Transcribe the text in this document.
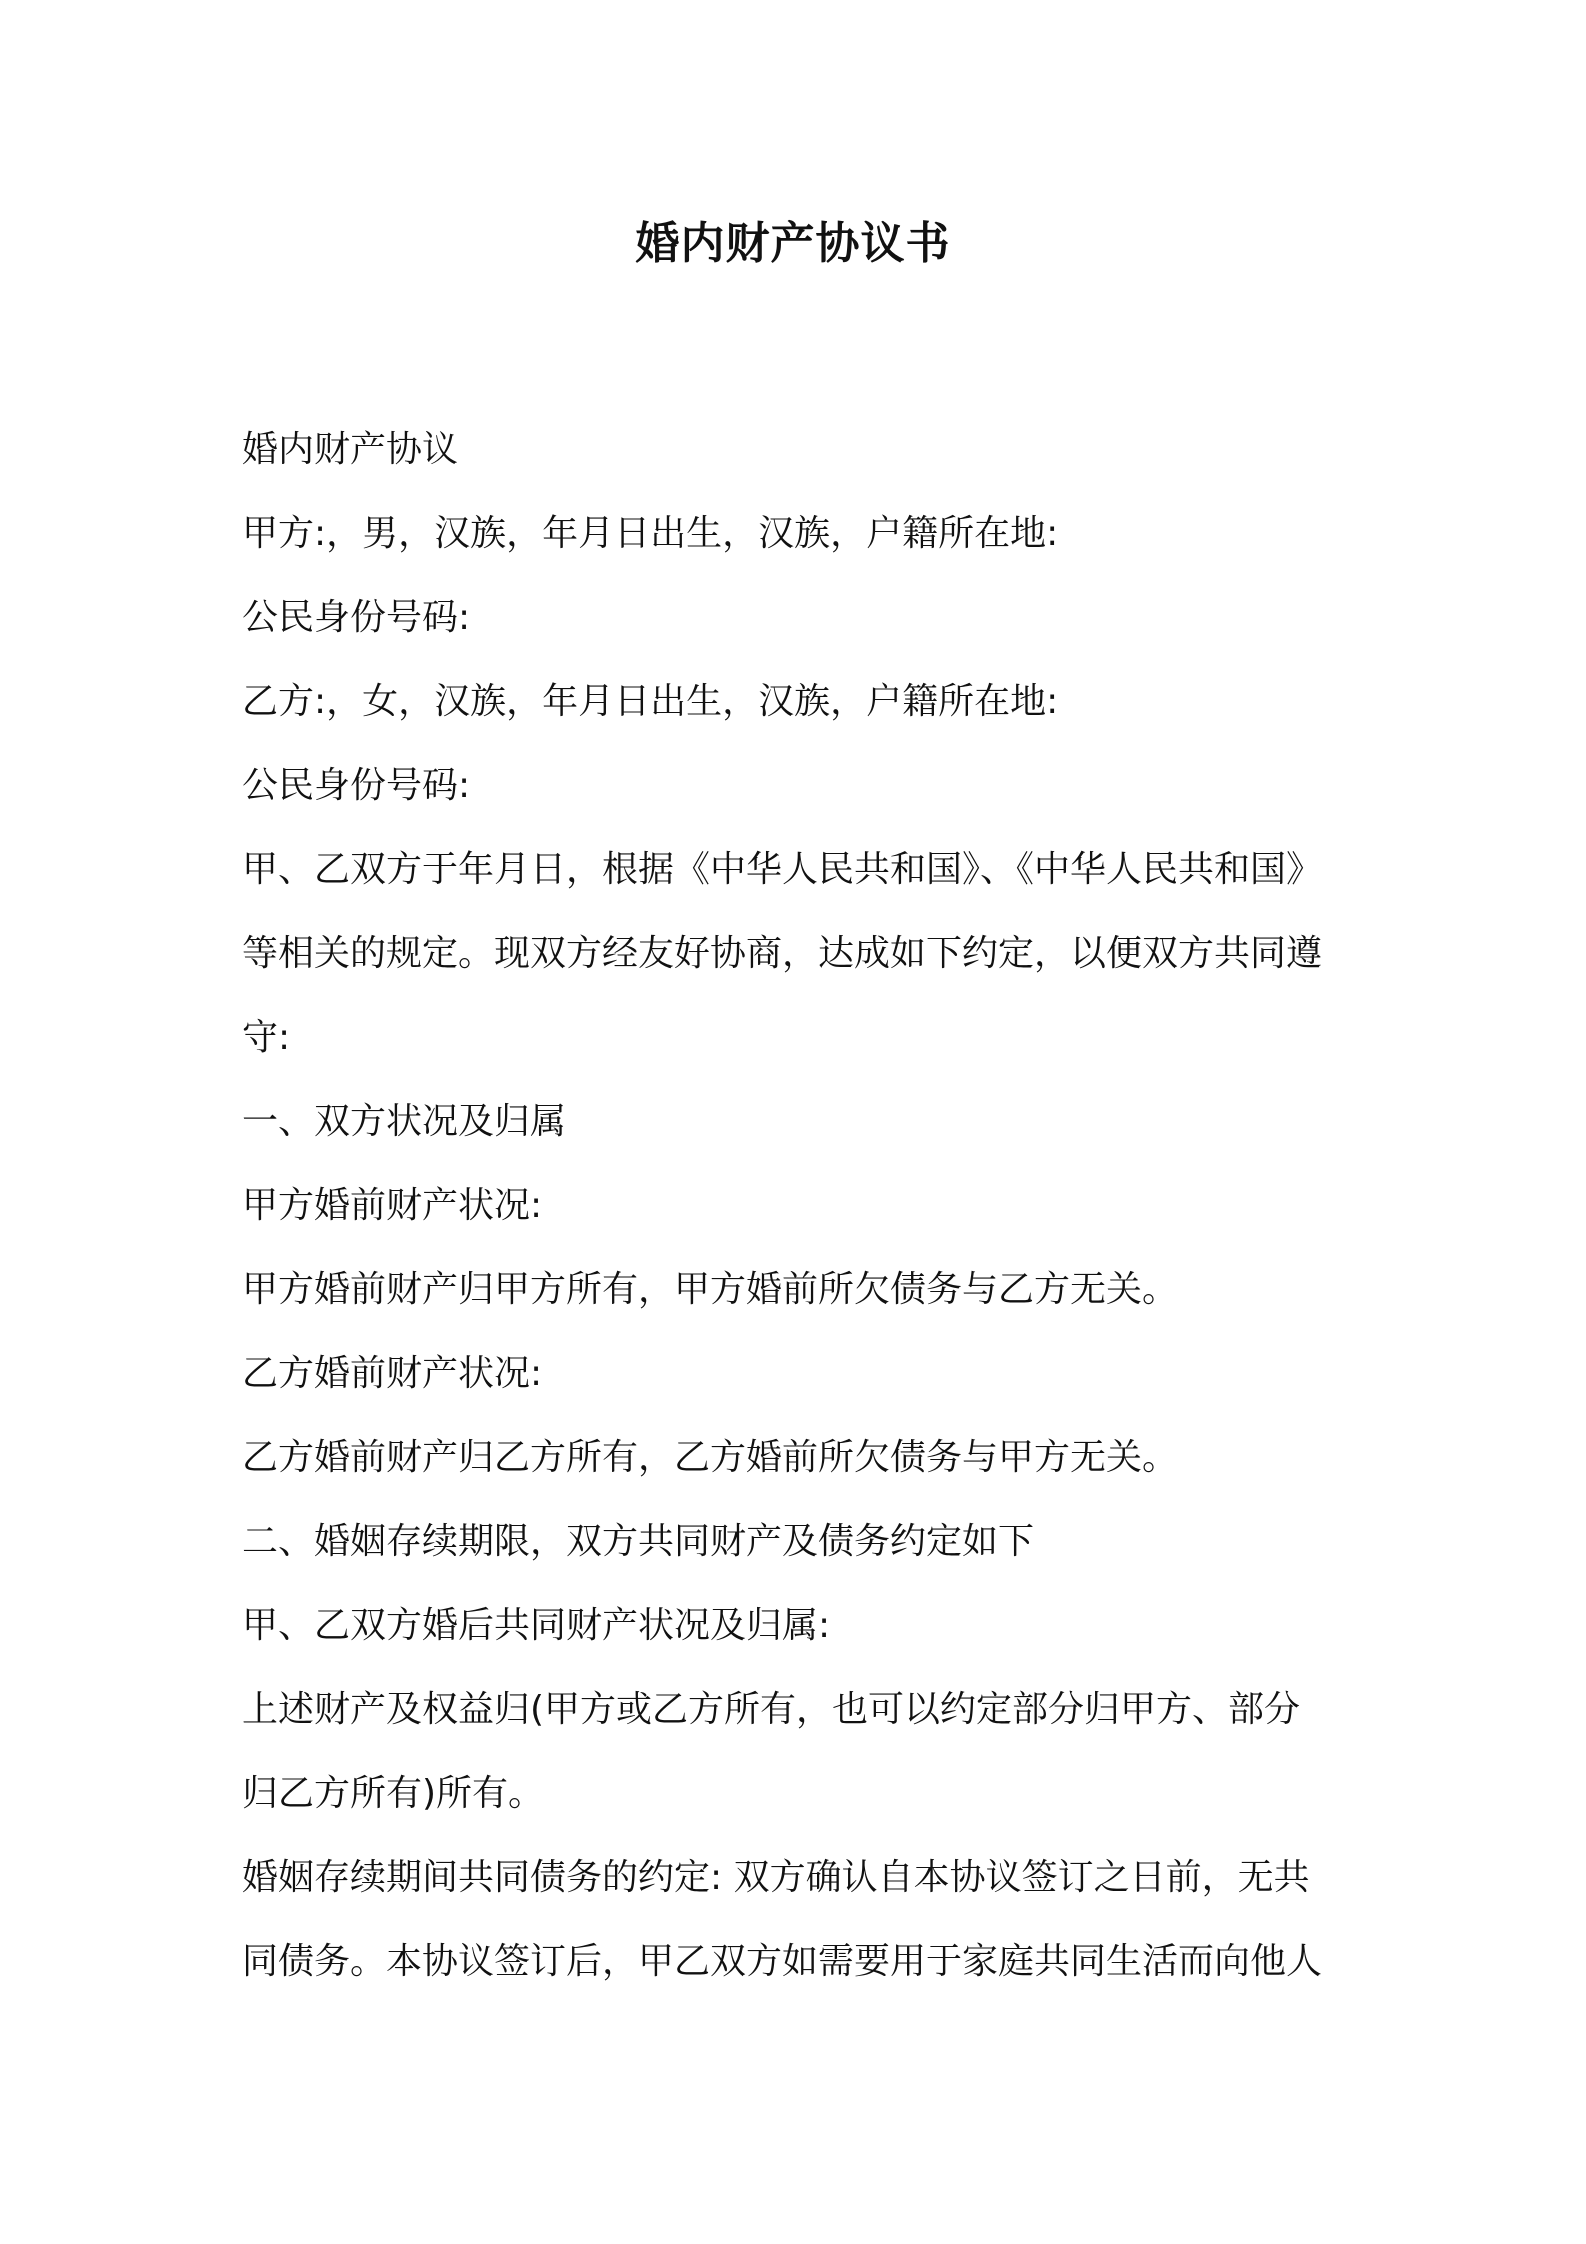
婚内财产协议书

婚内财产协议

甲方:，男，汉族，年月日出生，汉族，户籍所在地:

公民身份号码:

乙方:，女，汉族，年月日出生，汉族，户籍所在地:

公民身份号码:

甲、乙双方于年月日，根据《中华人民共和国》、《中华人民共和国》

等相关的规定。现双方经友好协商，达成如下约定，以便双方共同遵

守:

一、双方状况及归属

甲方婚前财产状况:

甲方婚前财产归甲方所有，甲方婚前所欠债务与乙方无关。

乙方婚前财产状况:

乙方婚前财产归乙方所有，乙方婚前所欠债务与甲方无关。

二、婚姻存续期限，双方共同财产及债务约定如下

甲、乙双方婚后共同财产状况及归属:

上述财产及权益归(甲方或乙方所有，也可以约定部分归甲方、部分

归乙方所有)所有。

婚姻存续期间共同债务的约定: 双方确认自本协议签订之日前，无共

同债务。本协议签订后，甲乙双方如需要用于家庭共同生活而向他人
